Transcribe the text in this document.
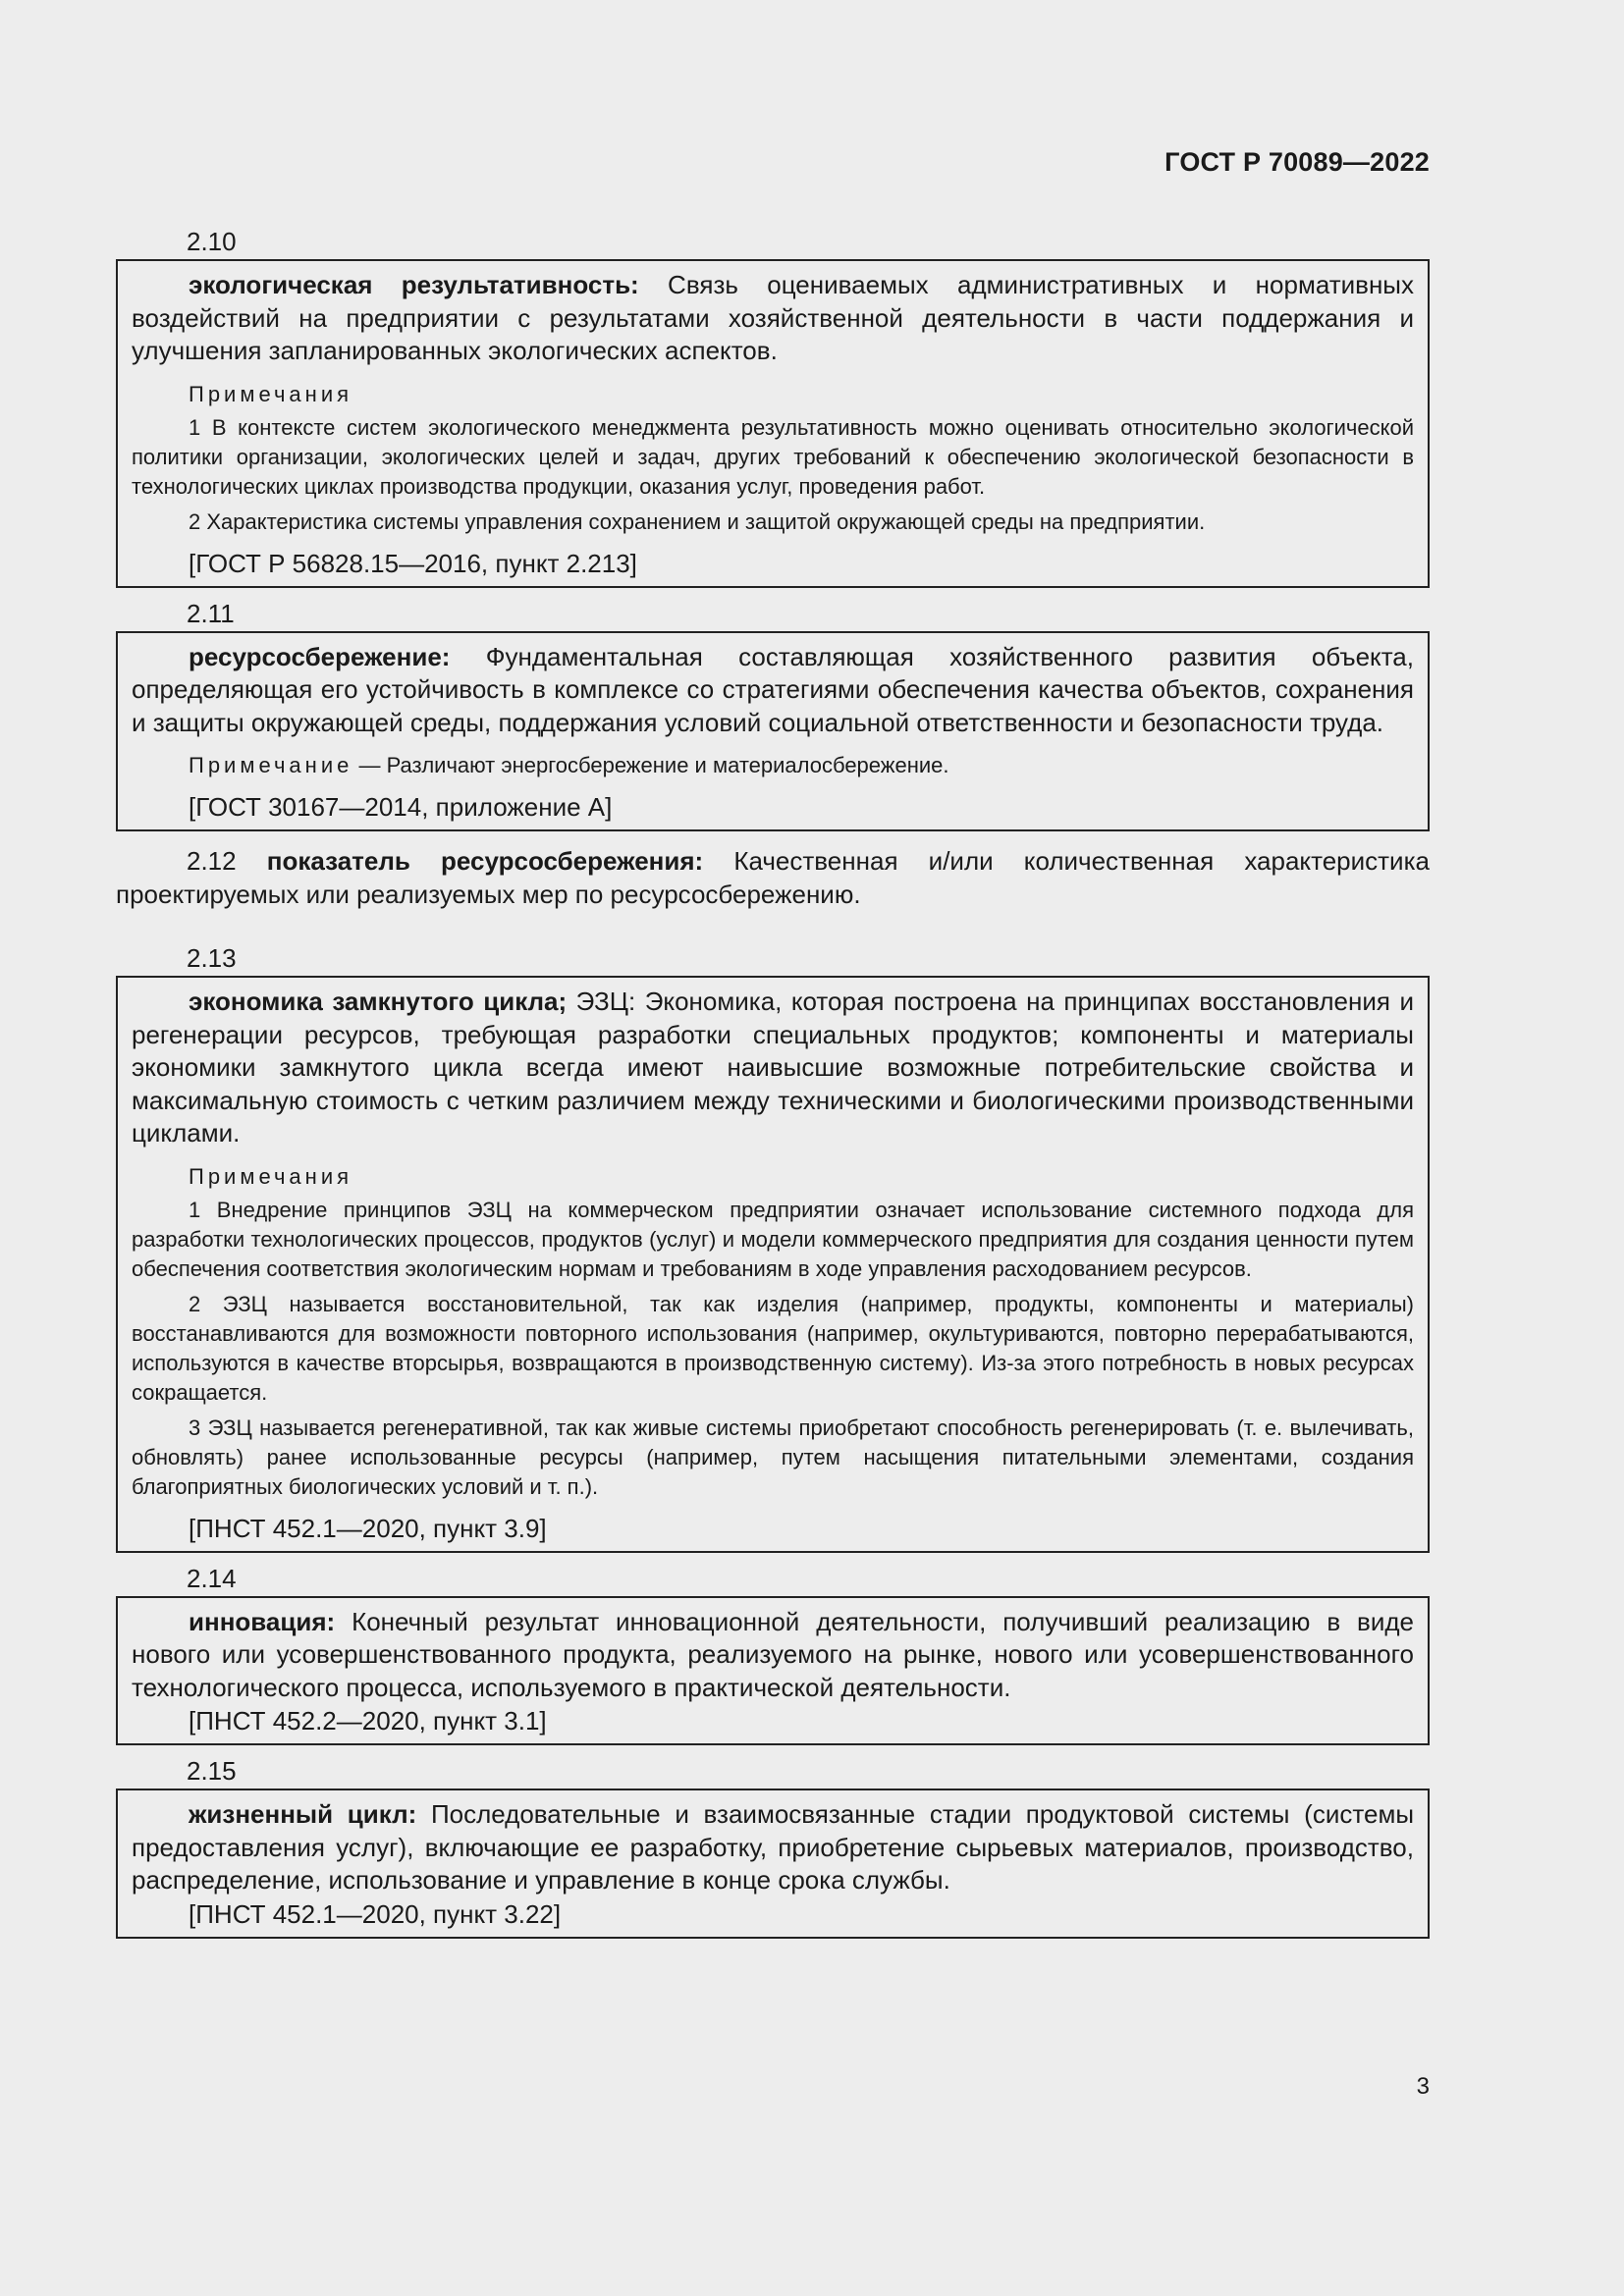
ГОСТ Р 70089—2022
2.10

экологическая результативность: Связь оцениваемых административных и нормативных воздействий на предприятии с результатами хозяйственной деятельности в части поддержания и улучшения запланированных экологических аспектов.

Примечания

1 В контексте систем экологического менеджмента результативность можно оценивать относительно экологической политики организации, экологических целей и задач, других требований к обеспечению экологической безопасности в технологических циклах производства продукции, оказания услуг, проведения работ.

2 Характеристика системы управления сохранением и защитой окружающей среды на предприятии.

[ГОСТ Р 56828.15—2016, пункт 2.213]

2.11

ресурсосбережение: Фундаментальная составляющая хозяйственного развития объекта, определяющая его устойчивость в комплексе со стратегиями обеспечения качества объектов, сохранения и защиты окружающей среды, поддержания условий социальной ответственности и безопасности труда.

Примечание — Различают энергосбережение и материалосбережение.

[ГОСТ 30167—2014, приложение А]

2.12 показатель ресурсосбережения: Качественная и/или количественная характеристика проектируемых или реализуемых мер по ресурсосбережению.

2.13

экономика замкнутого цикла; ЭЗЦ: Экономика, которая построена на принципах восстановления и регенерации ресурсов, требующая разработки специальных продуктов; компоненты и материалы экономики замкнутого цикла всегда имеют наивысшие возможные потребительские свойства и максимальную стоимость с четким различием между техническими и биологическими производственными циклами.

Примечания

1 Внедрение принципов ЭЗЦ на коммерческом предприятии означает использование системного подхода для разработки технологических процессов, продуктов (услуг) и модели коммерческого предприятия для создания ценности путем обеспечения соответствия экологическим нормам и требованиям в ходе управления расходованием ресурсов.

2 ЭЗЦ называется восстановительной, так как изделия (например, продукты, компоненты и материалы) восстанавливаются для возможности повторного использования (например, окультуриваются, повторно перерабатываются, используются в качестве вторсырья, возвращаются в производственную систему). Из-за этого потребность в новых ресурсах сокращается.

3 ЭЗЦ называется регенеративной, так как живые системы приобретают способность регенерировать (т. е. вылечивать, обновлять) ранее использованные ресурсы (например, путем насыщения питательными элементами, создания благоприятных биологических условий и т. п.).

[ПНСТ 452.1—2020, пункт 3.9]

2.14

инновация: Конечный результат инновационной деятельности, получивший реализацию в виде нового или усовершенствованного продукта, реализуемого на рынке, нового или усовершенствованного технологического процесса, используемого в практической деятельности.

[ПНСТ 452.2—2020, пункт 3.1]

2.15

жизненный цикл: Последовательные и взаимосвязанные стадии продуктовой системы (системы предоставления услуг), включающие ее разработку, приобретение сырьевых материалов, производство, распределение, использование и управление в конце срока службы.

[ПНСТ 452.1—2020, пункт 3.22]

3
